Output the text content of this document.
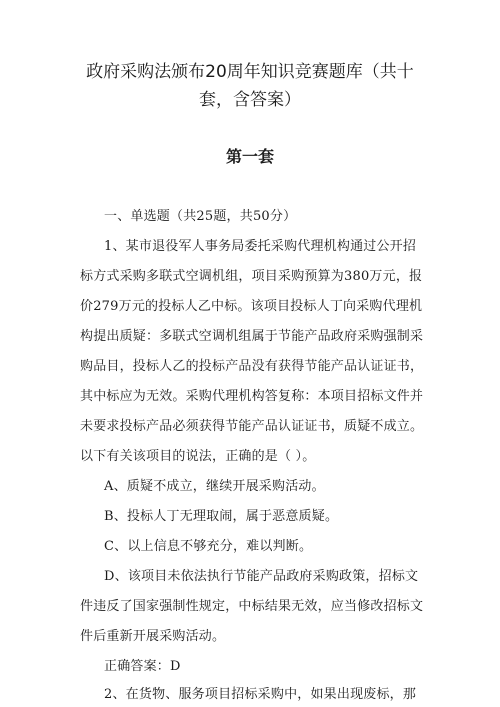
政府采购法颁布20周年知识竞赛题库（共十
套，含答案）
第一套
一、单选题（共25题，共50分）
1、某市退役军人事务局委托采购代理机构通过公开招
标方式采购多联式空调机组，项目采购预算为380万元，报
价279万元的投标人乙中标。该项目投标人丁向采购代理机
构提出质疑：多联式空调机组属于节能产品政府采购强制采
购品目，投标人乙的投标产品没有获得节能产品认证证书，
其中标应为无效。采购代理机构答复称：本项目招标文件并
未要求投标产品必须获得节能产品认证证书，质疑不成立。
以下有关该项目的说法，正确的是（ ）。
A、质疑不成立，继续开展采购活动。
B、投标人丁无理取闹，属于恶意质疑。
C、以上信息不够充分，难以判断。
D、该项目未依法执行节能产品政府采购政策，招标文
件违反了国家强制性规定，中标结果无效，应当修改招标文
件后重新开展采购活动。
正确答案：D
2、在货物、服务项目招标采购中，如果出现废标，那
